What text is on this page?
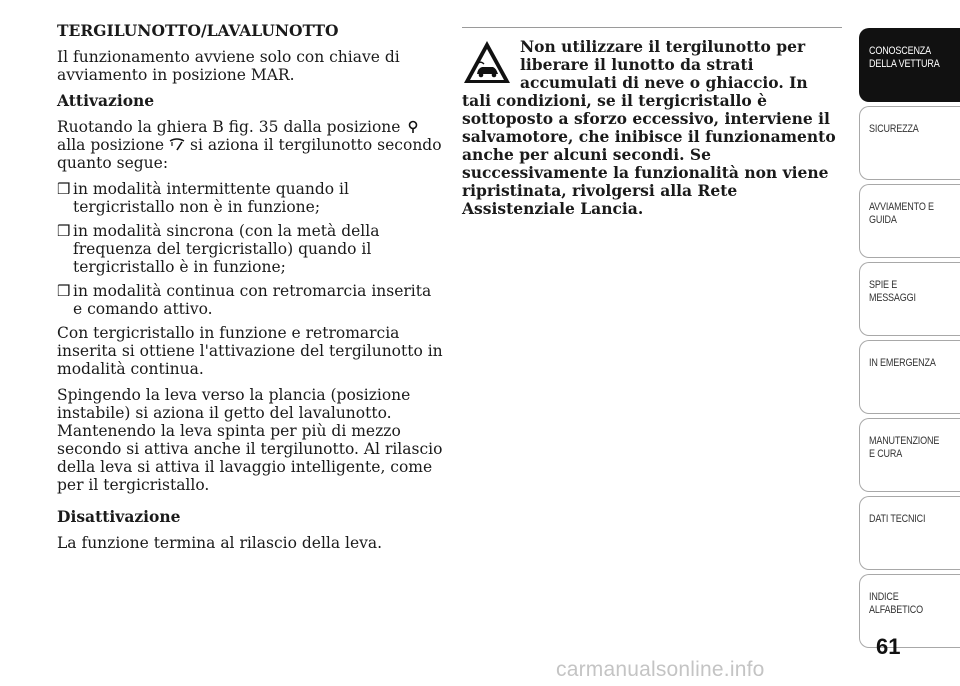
TERGILUNOTTO/LAVALUNOTTO

Il funzionamento avviene solo con chiave di avviamento in posizione MAR.

Attivazione

Ruotando la ghiera B fig. 35 dalla posizione  alla posizione si aziona il tergilunotto secondo quanto segue:

❒ in modalità intermittente quando il tergicristallo non è in funzione;
❒ in modalità sincrona (con la metà della frequenza del tergicristallo) quando il tergicristallo è in funzione;
❒ in modalità continua con retromarcia inserita e comando attivo.

Con tergicristallo in funzione e retromarcia inserita si ottiene l'attivazione del tergilunotto in modalità continua.

Spingendo la leva verso la plancia (posizione instabile) si aziona il getto del lavalunotto. Mantenendo la leva spinta per più di mezzo secondo si attiva anche il tergilunotto. Al rilascio della leva si attiva il lavaggio intelligente, come per il tergicristallo.

Disattivazione

La funzione termina al rilascio della leva.

Non utilizzare il tergilunotto per liberare il lunotto da strati accumulati di neve o ghiaccio. In tali condizioni, se il tergicristallo è sottoposto a sforzo eccessivo, interviene il salvamotore, che inibisce il funzionamento anche per alcuni secondi. Se successivamente la funzionalità non viene ripristinata, rivolgersi alla Rete Assistenziale Lancia.
CONOSCENZA DELLA VETTURA
SICUREZZA
AVVIAMENTO E GUIDA
SPIE E MESSAGGI
IN EMERGENZA
MANUTENZIONE E CURA
DATI TECNICI
INDICE ALFABETICO
61
carmanualsonline.info
